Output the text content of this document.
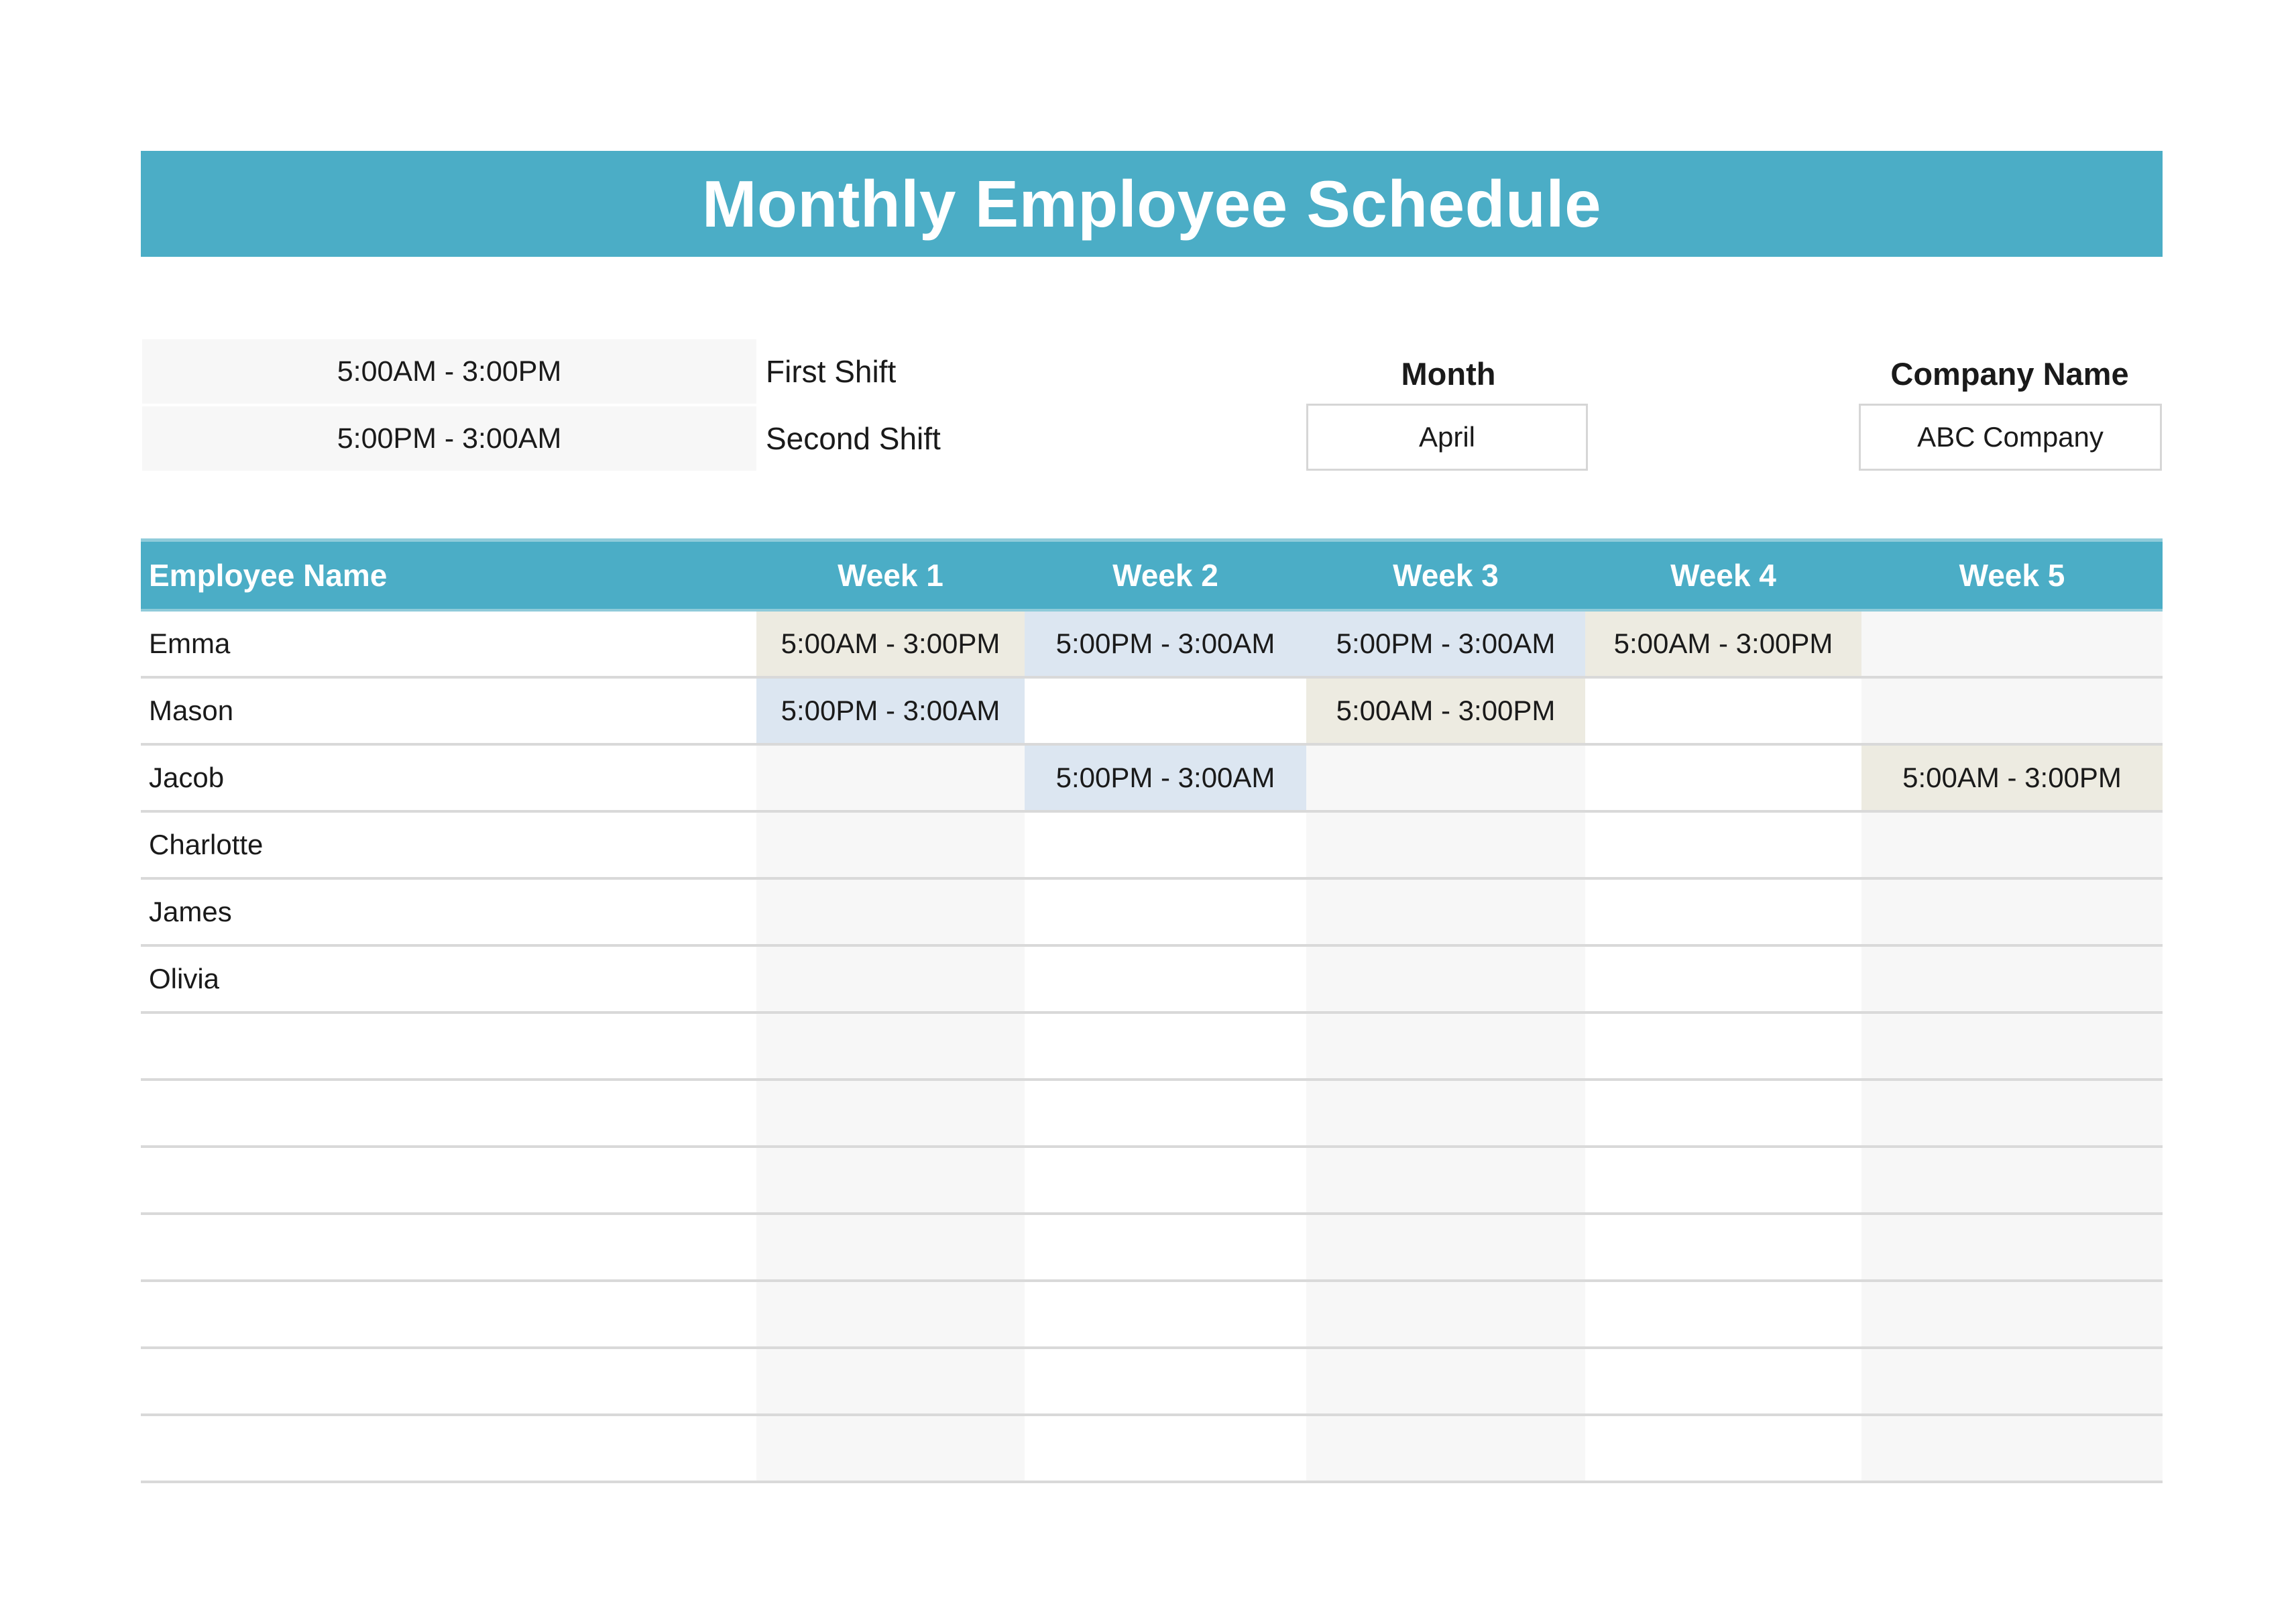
Monthly Employee Schedule
5:00AM - 3:00PM	First Shift
5:00PM - 3:00AM	Second Shift
Month
April
Company Name
ABC Company
Employee Name	Week 1	Week 2	Week 3	Week 4	Week 5
Emma	5:00AM - 3:00PM	5:00PM - 3:00AM	5:00PM - 3:00AM	5:00AM - 3:00PM	
Mason	5:00PM - 3:00AM		5:00AM - 3:00PM		
Jacob		5:00PM - 3:00AM			5:00AM - 3:00PM
Charlotte					
James					
Olivia					
